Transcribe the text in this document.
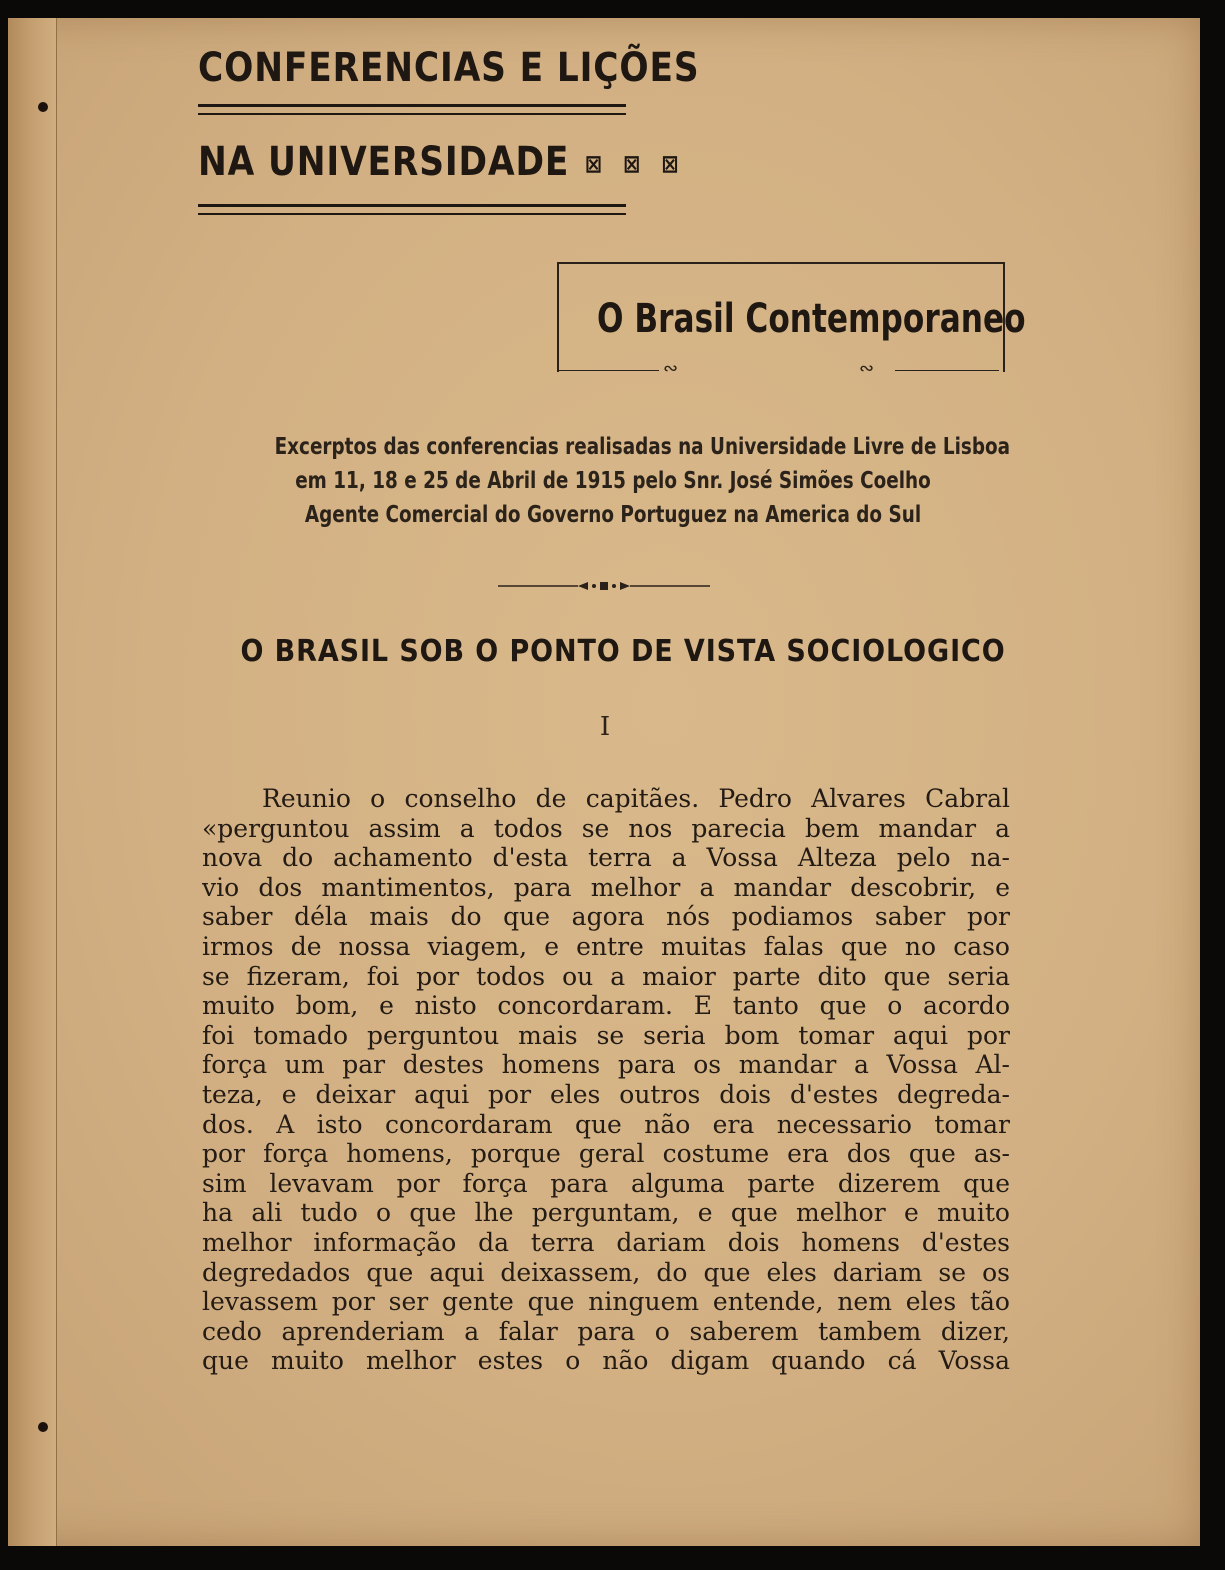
CONFERENCIAS E LIÇÕES
NA UNIVERSIDADE ⊠ ⊠ ⊠
O Brasil Contemporaneo
∾	∾
Excerptos das conferencias realisadas na Universidade Livre de Lisboa
em 11, 18 e 25 de Abril de 1915 pelo Snr. José Simões Coelho
Agente Comercial do Governo Portuguez na America do Sul
O BRASIL SOB O PONTO DE VISTA SOCIOLOGICO
I
Reunio o conselho de capitães. Pedro Alvares Cabral
«perguntou assim a todos se nos parecia bem mandar a
nova do achamento d'esta terra a Vossa Alteza pelo na-
vio dos mantimentos, para melhor a mandar descobrir, e
saber déla mais do que agora nós podiamos saber por
irmos de nossa viagem, e entre muitas falas que no caso
se fizeram, foi por todos ou a maior parte dito que seria
muito bom, e nisto concordaram. E tanto que o acordo
foi tomado perguntou mais se seria bom tomar aqui por
força um par destes homens para os mandar a Vossa Al-
teza, e deixar aqui por eles outros dois d'estes degreda-
dos. A isto concordaram que não era necessario tomar
por força homens, porque geral costume era dos que as-
sim levavam por força para alguma parte dizerem que
ha ali tudo o que lhe perguntam, e que melhor e muito
melhor informação da terra dariam dois homens d'estes
degredados que aqui deixassem, do que eles dariam se os
levassem por ser gente que ninguem entende, nem eles tão
cedo aprenderiam a falar para o saberem tambem dizer,
que muito melhor estes o não digam quando cá Vossa
